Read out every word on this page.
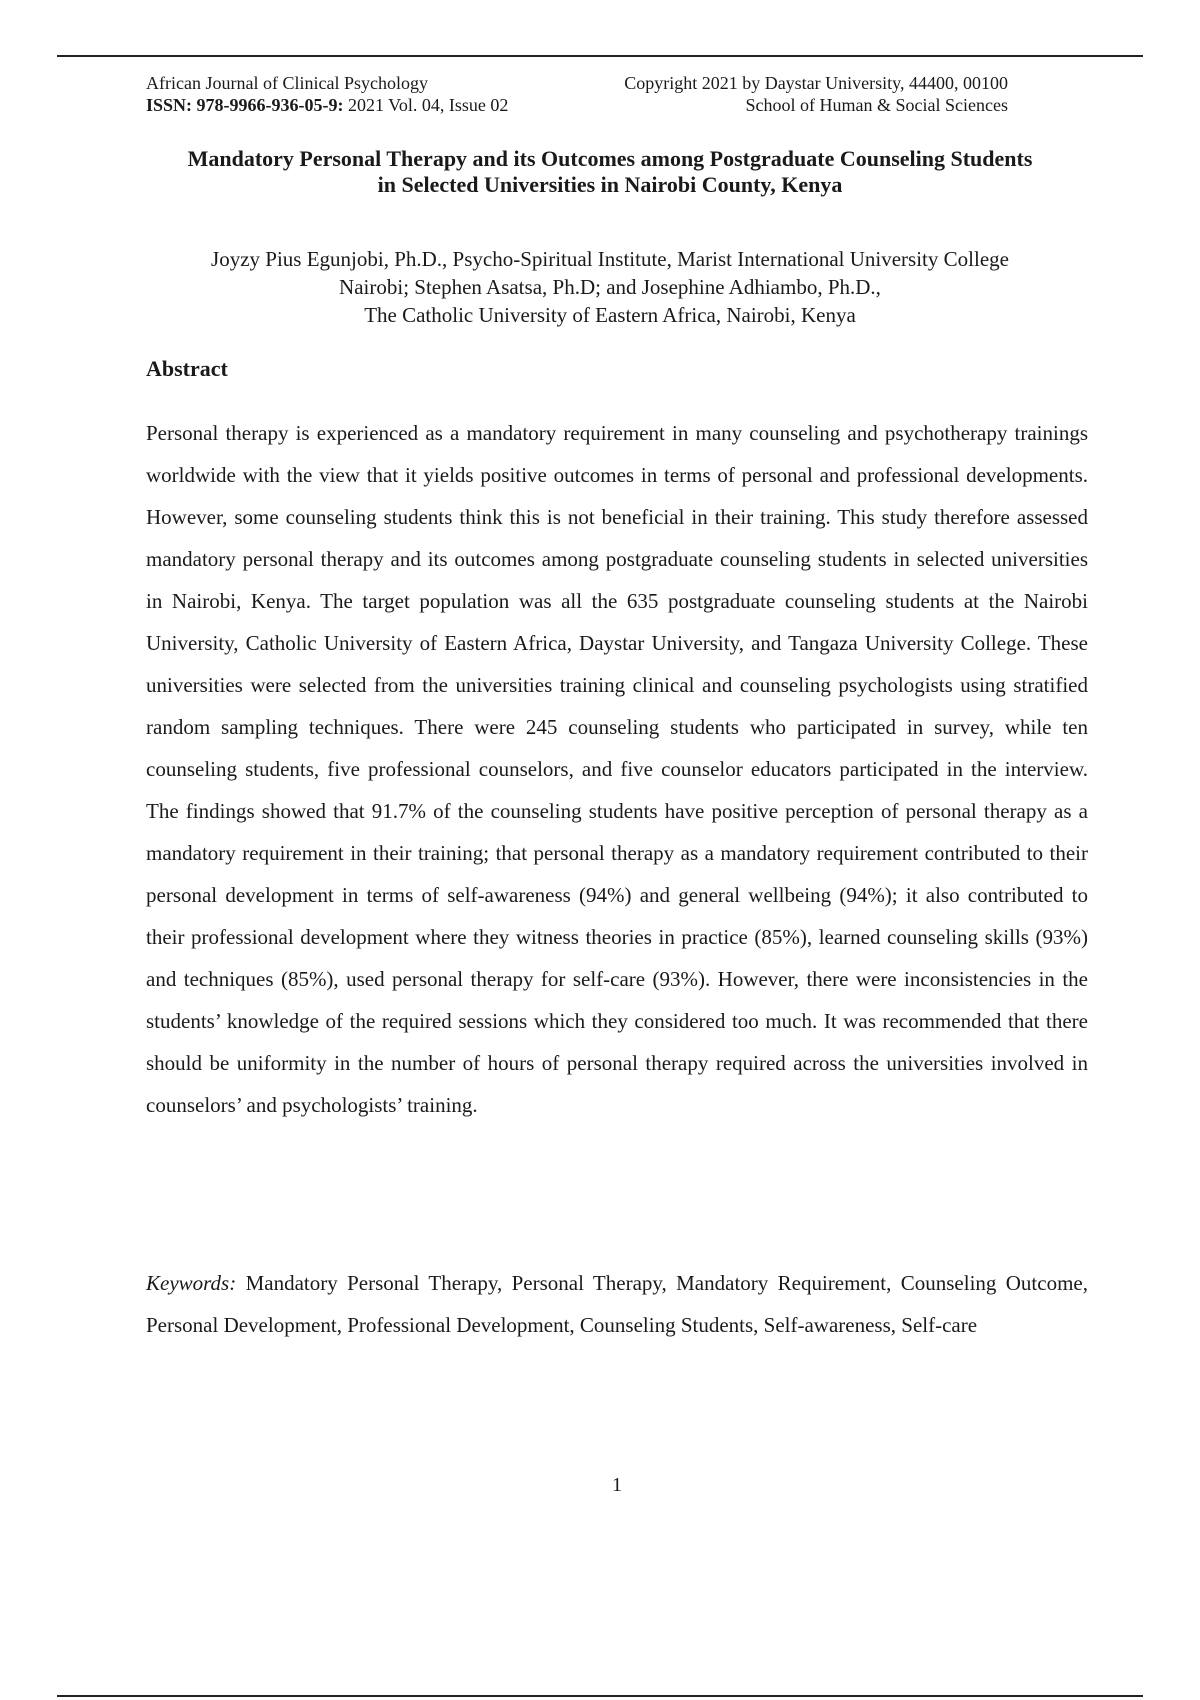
African Journal of Clinical Psychology	Copyright 2021 by Daystar University, 44400, 00100
ISSN: 978-9966-936-05-9: 2021 Vol. 04, Issue 02	School of Human & Social Sciences
Mandatory Personal Therapy and its Outcomes among Postgraduate Counseling Students
in Selected Universities in Nairobi County, Kenya
Joyzy Pius Egunjobi, Ph.D., Psycho-Spiritual Institute, Marist International University College
Nairobi; Stephen Asatsa, Ph.D; and Josephine Adhiambo, Ph.D.,
The Catholic University of Eastern Africa, Nairobi, Kenya
Abstract

Personal therapy is experienced as a mandatory requirement in many counseling and psychotherapy trainings worldwide with the view that it yields positive outcomes in terms of personal and professional developments. However, some counseling students think this is not beneficial in their training. This study therefore assessed mandatory personal therapy and its outcomes among postgraduate counseling students in selected universities in Nairobi, Kenya. The target population was all the 635 postgraduate counseling students at the Nairobi University, Catholic University of Eastern Africa, Daystar University, and Tangaza University College. These universities were selected from the universities training clinical and counseling psychologists using stratified random sampling techniques. There were 245 counseling students who participated in survey, while ten counseling students, five professional counselors, and five counselor educators participated in the interview. The findings showed that 91.7% of the counseling students have positive perception of personal therapy as a mandatory requirement in their training; that personal therapy as a mandatory requirement contributed to their personal development in terms of self-awareness (94%) and general wellbeing (94%); it also contributed to their professional development where they witness theories in practice (85%), learned counseling skills (93%) and techniques (85%), used personal therapy for self-care (93%). However, there were inconsistencies in the students’ knowledge of the required sessions which they considered too much. It was recommended that there should be uniformity in the number of hours of personal therapy required across the universities involved in counselors’ and psychologists’ training.

Keywords: Mandatory Personal Therapy, Personal Therapy, Mandatory Requirement, Counseling Outcome, Personal Development, Professional Development, Counseling Students, Self-awareness, Self-care

1
